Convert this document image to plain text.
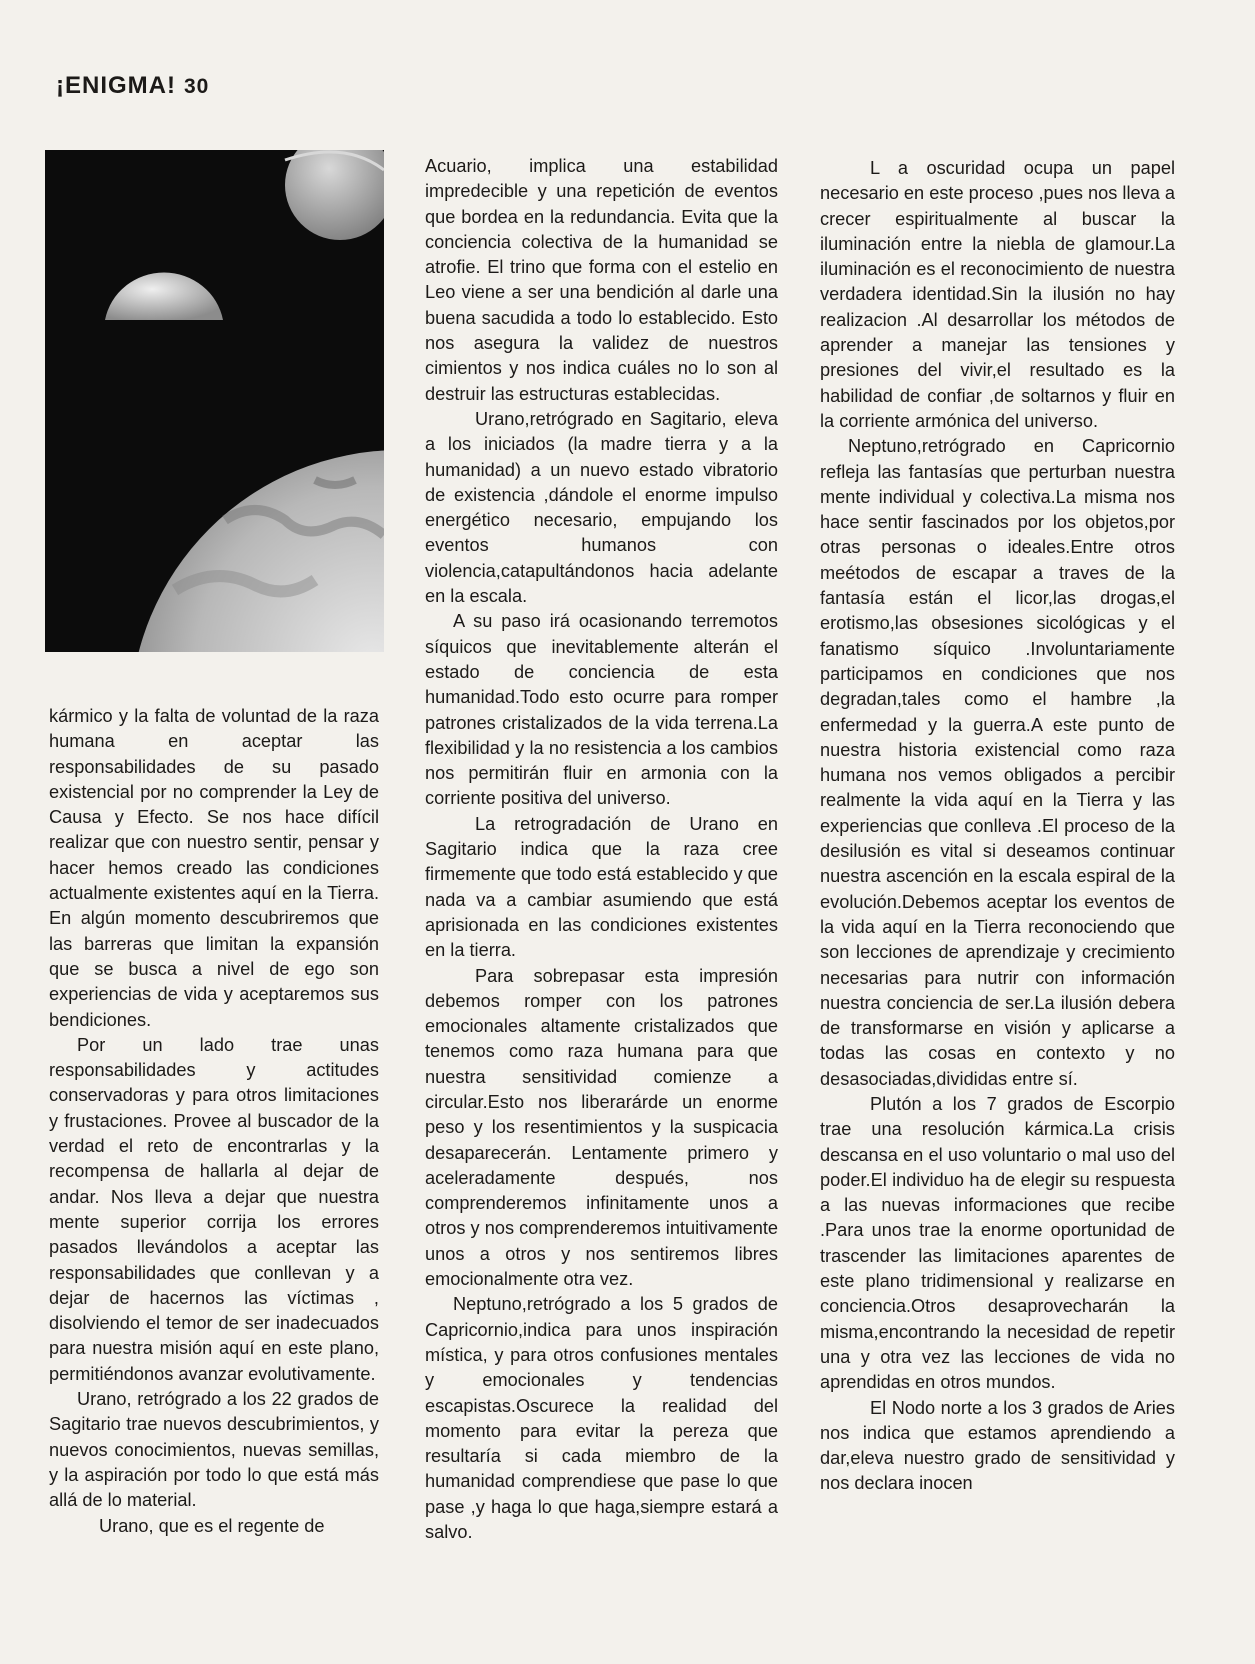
¡ENIGMA! 30

kármico y la falta de voluntad de la raza humana en aceptar las responsabilidades de su pasado existencial por no comprender la Ley de Causa y Efecto. Se nos hace difícil realizar que con nuestro sentir, pensar y hacer hemos creado las condiciones actualmente existentes aquí en la Tierra. En algún momento descubriremos que las barreras que limitan la expansión que se busca a nivel de ego son experiencias de vida y aceptaremos sus bendiciones.

Por un lado trae unas responsabilidades y actitudes conservadoras y para otros limitaciones y frustaciones. Provee al buscador de la verdad el reto de encontrarlas y la recompensa de hallarla al dejar de andar. Nos lleva a dejar que nuestra mente superior corrija los errores pasados llevándolos a aceptar las responsabilidades que conllevan y a dejar de hacernos las víctimas , disolviendo el temor de ser inadecuados para nuestra misión aquí en este plano, permitiéndonos avanzar evolutivamente.

Urano, retrógrado a los 22 grados de Sagitario trae nuevos descubrimientos, y nuevos conocimientos, nuevas semillas, y la aspiración por todo lo que está más allá de lo material.

Urano, que es el regente de

Acuario, implica una estabilidad impredecible y una repetición de eventos que bordea en la redundancia. Evita que la conciencia colectiva de la humanidad se atrofie. El trino que forma con el estelio en Leo viene a ser una bendición al darle una buena sacudida a todo lo establecido. Esto nos asegura la validez de nuestros cimientos y nos indica cuáles no lo son al destruir las estructuras establecidas.

Urano,retrógrado en Sagitario, eleva a los iniciados (la madre tierra y a la humanidad) a un nuevo estado vibratorio de existencia ,dándole el enorme impulso energético necesario, empujando los eventos humanos con violencia,catapultándonos hacia adelante en la escala.

A su paso irá ocasionando terremotos síquicos que inevitablemente alterán el estado de conciencia de esta humanidad.Todo esto ocurre para romper patrones cristalizados de la vida terrena.La flexibilidad y la no resistencia a los cambios nos permitirán fluir en armonia con la corriente positiva del universo.

La retrogradación de Urano en Sagitario indica que la raza cree firmemente que todo está establecido y que nada va a cambiar asumiendo que está aprisionada en las condiciones existentes en la tierra.

Para sobrepasar esta impresión debemos romper con los patrones emocionales altamente cristalizados que tenemos como raza humana para que nuestra sensitividad comienze a circular.Esto nos liberarárde un enorme peso y los resentimientos y la suspicacia desaparecerán. Lentamente primero y aceleradamente después, nos comprenderemos infinitamente unos a otros y nos comprenderemos intuitivamente unos a otros y nos sentiremos libres emocionalmente otra vez.

Neptuno,retrógrado a los 5 grados de Capricornio,indica para unos inspiración mística, y para otros confusiones mentales y emocionales y tendencias escapistas.Oscurece la realidad del momento para evitar la pereza que resultaría si cada miembro de la humanidad comprendiese que pase lo que pase ,y haga lo que haga,siempre estará a salvo.

L a oscuridad ocupa un papel necesario en este proceso ,pues nos lleva a crecer espiritualmente al buscar la iluminación entre la niebla de glamour.La iluminación es el reconocimiento de nuestra verdadera identidad.Sin la ilusión no hay realizacion .Al desarrollar los métodos de aprender a manejar las tensiones y presiones del vivir,el resultado es la habilidad de confiar ,de soltarnos y fluir en la corriente armónica del universo.

Neptuno,retrógrado en Capricornio refleja las fantasías que perturban nuestra mente individual y colectiva.La misma nos hace sentir fascinados por los objetos,por otras personas o ideales.Entre otros meétodos de escapar a traves de la fantasía están el licor,las drogas,el erotismo,las obsesiones sicológicas y el fanatismo síquico .Involuntariamente participamos en condiciones que nos degradan,tales como el hambre ,la enfermedad y la guerra.A este punto de nuestra historia existencial como raza humana nos vemos obligados a percibir realmente la vida aquí en la Tierra y las experiencias que conlleva .El proceso de la desilusión es vital si deseamos continuar nuestra ascención en la escala espiral de la evolución.Debemos aceptar los eventos de la vida aquí en la Tierra reconociendo que son lecciones de aprendizaje y crecimiento necesarias para nutrir con información nuestra conciencia de ser.La ilusión debera de transformarse en visión y aplicarse a todas las cosas en contexto y no desasociadas,divididas entre sí.

Plutón a los 7 grados de Escorpio trae una resolución kármica.La crisis descansa en el uso voluntario o mal uso del poder.El individuo ha de elegir su respuesta a las nuevas informaciones que recibe .Para unos trae la enorme oportunidad de trascender las limitaciones aparentes de este plano tridimensional y realizarse en conciencia.Otros desaprovecharán la misma,encontrando la necesidad de repetir una y otra vez las lecciones de vida no aprendidas en otros mundos.

El Nodo norte a los 3 grados de Aries nos indica que estamos aprendiendo a dar,eleva nuestro grado de sensitividad y nos declara inocen
